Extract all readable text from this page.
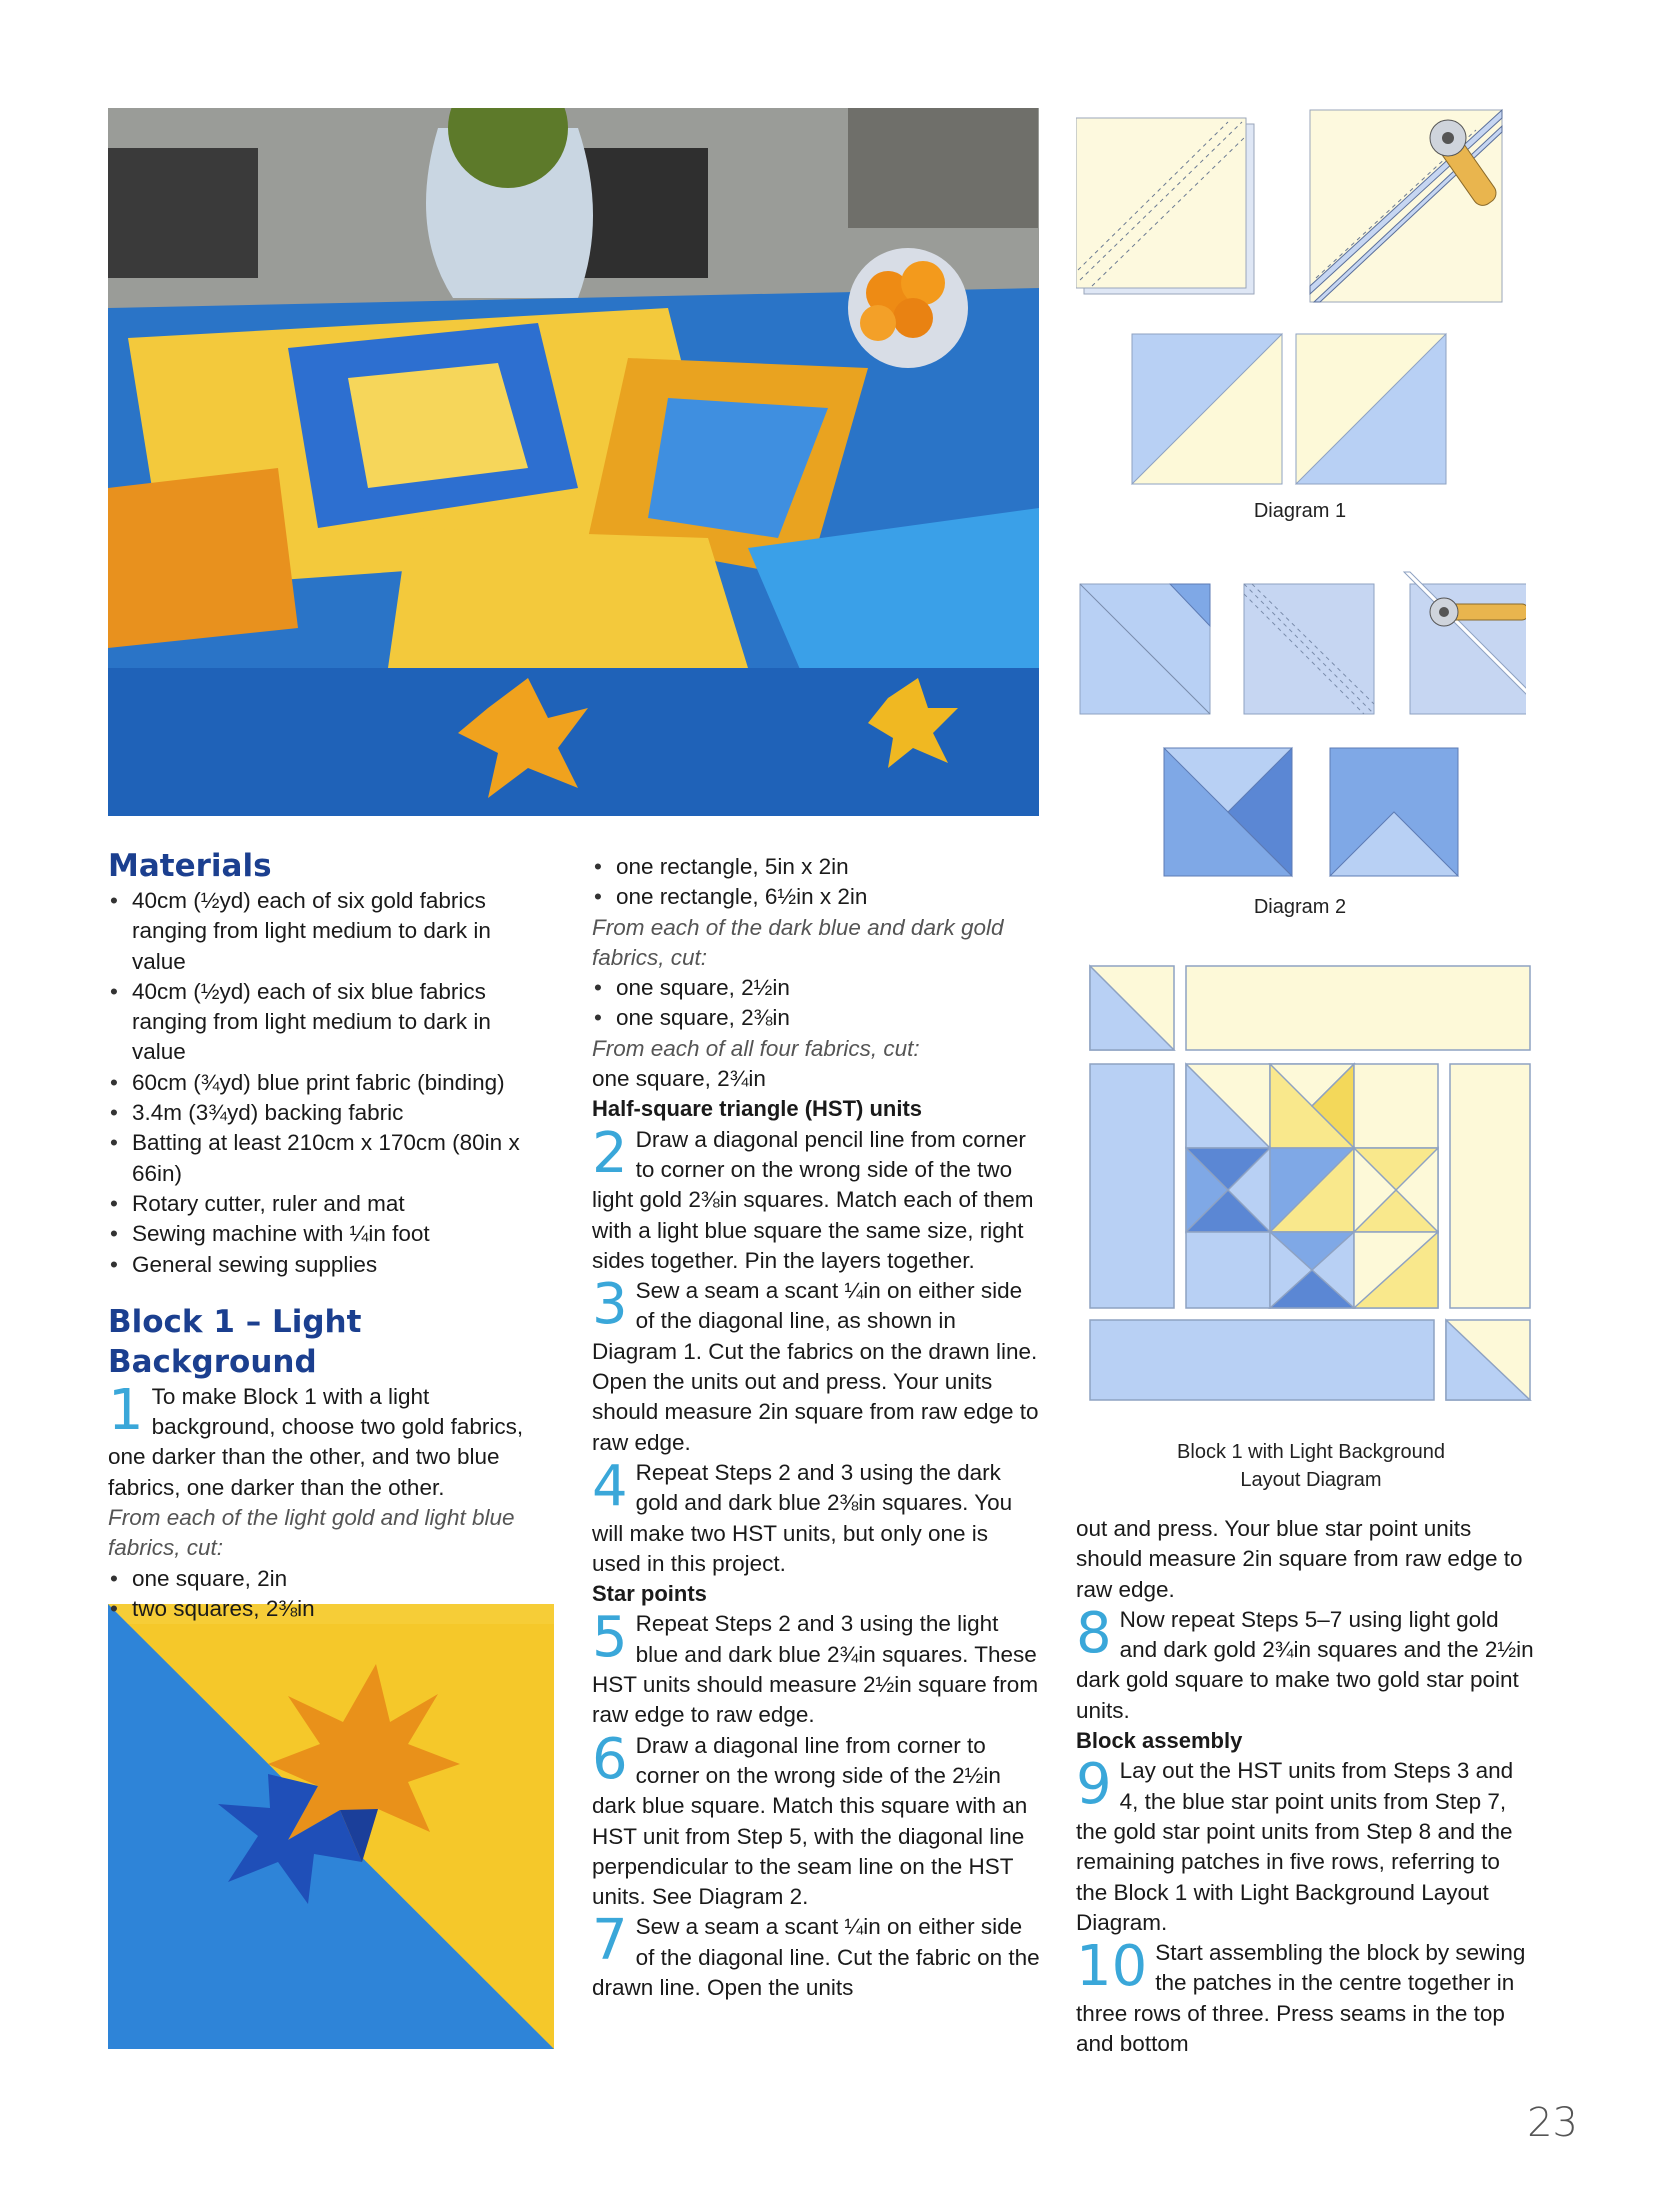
Materials
• 40cm (½yd) each of six gold fabrics ranging from light medium to dark in value
• 40cm (½yd) each of six blue fabrics ranging from light medium to dark in value
• 60cm (¾yd) blue print fabric (binding)
• 3.4m (3¾yd) backing fabric
• Batting at least 210cm x 170cm (80in x 66in)
• Rotary cutter, ruler and mat
• Sewing machine with ¼in foot
• General sewing supplies
Block 1 – Light Background
1 To make Block 1 with a light background, choose two gold fabrics, one darker than the other, and two blue fabrics, one darker than the other.

From each of the light gold and light blue fabrics, cut:

• one square, 2in
• two squares, 2⅜in
• one rectangle, 5in x 2in
• one rectangle, 6½in x 2in

From each of the dark blue and dark gold fabrics, cut:

• one square, 2½in
• one square, 2⅜in

From each of all four fabrics, cut:

one square, 2¾in

Half-square triangle (HST) units

2 Draw a diagonal pencil line from corner to corner on the wrong side of the two light gold 2⅜in squares. Match each of them with a light blue square the same size, right sides together. Pin the layers together.
3 Sew a seam a scant ¼in on either side of the diagonal line, as shown in Diagram 1. Cut the fabrics on the drawn line. Open the units out and press. Your units should measure 2in square from raw edge to raw edge.
4 Repeat Steps 2 and 3 using the dark gold and dark blue 2⅜in squares. You will make two HST units, but only one is used in this project.

Star points

5 Repeat Steps 2 and 3 using the light blue and dark blue 2¾in squares. These HST units should measure 2½in square from raw edge to raw edge.
6 Draw a diagonal line from corner to corner on the wrong side of the 2½in dark blue square. Match this square with an HST unit from Step 5, with the diagonal line perpendicular to the seam line on the HST units. See Diagram 2.
7 Sew a seam a scant ¼in on either side of the diagonal line. Cut the fabric on the drawn line. Open the units
Diagram 1
Diagram 2
Block 1 with Light Background
Layout Diagram

out and press. Your blue star point units should measure 2in square from raw edge to raw edge.

8 Now repeat Steps 5–7 using light gold and dark gold 2¾in squares and the 2½in dark gold square to make two gold star point units.

Block assembly

9 Lay out the HST units from Steps 3 and 4, the blue star point units from Step 7, the gold star point units from Step 8 and the remaining patches in five rows, referring to the Block 1 with Light Background Layout Diagram.
10 Start assembling the block by sewing the patches in the centre together in three rows of three. Press seams in the top and bottom
23
